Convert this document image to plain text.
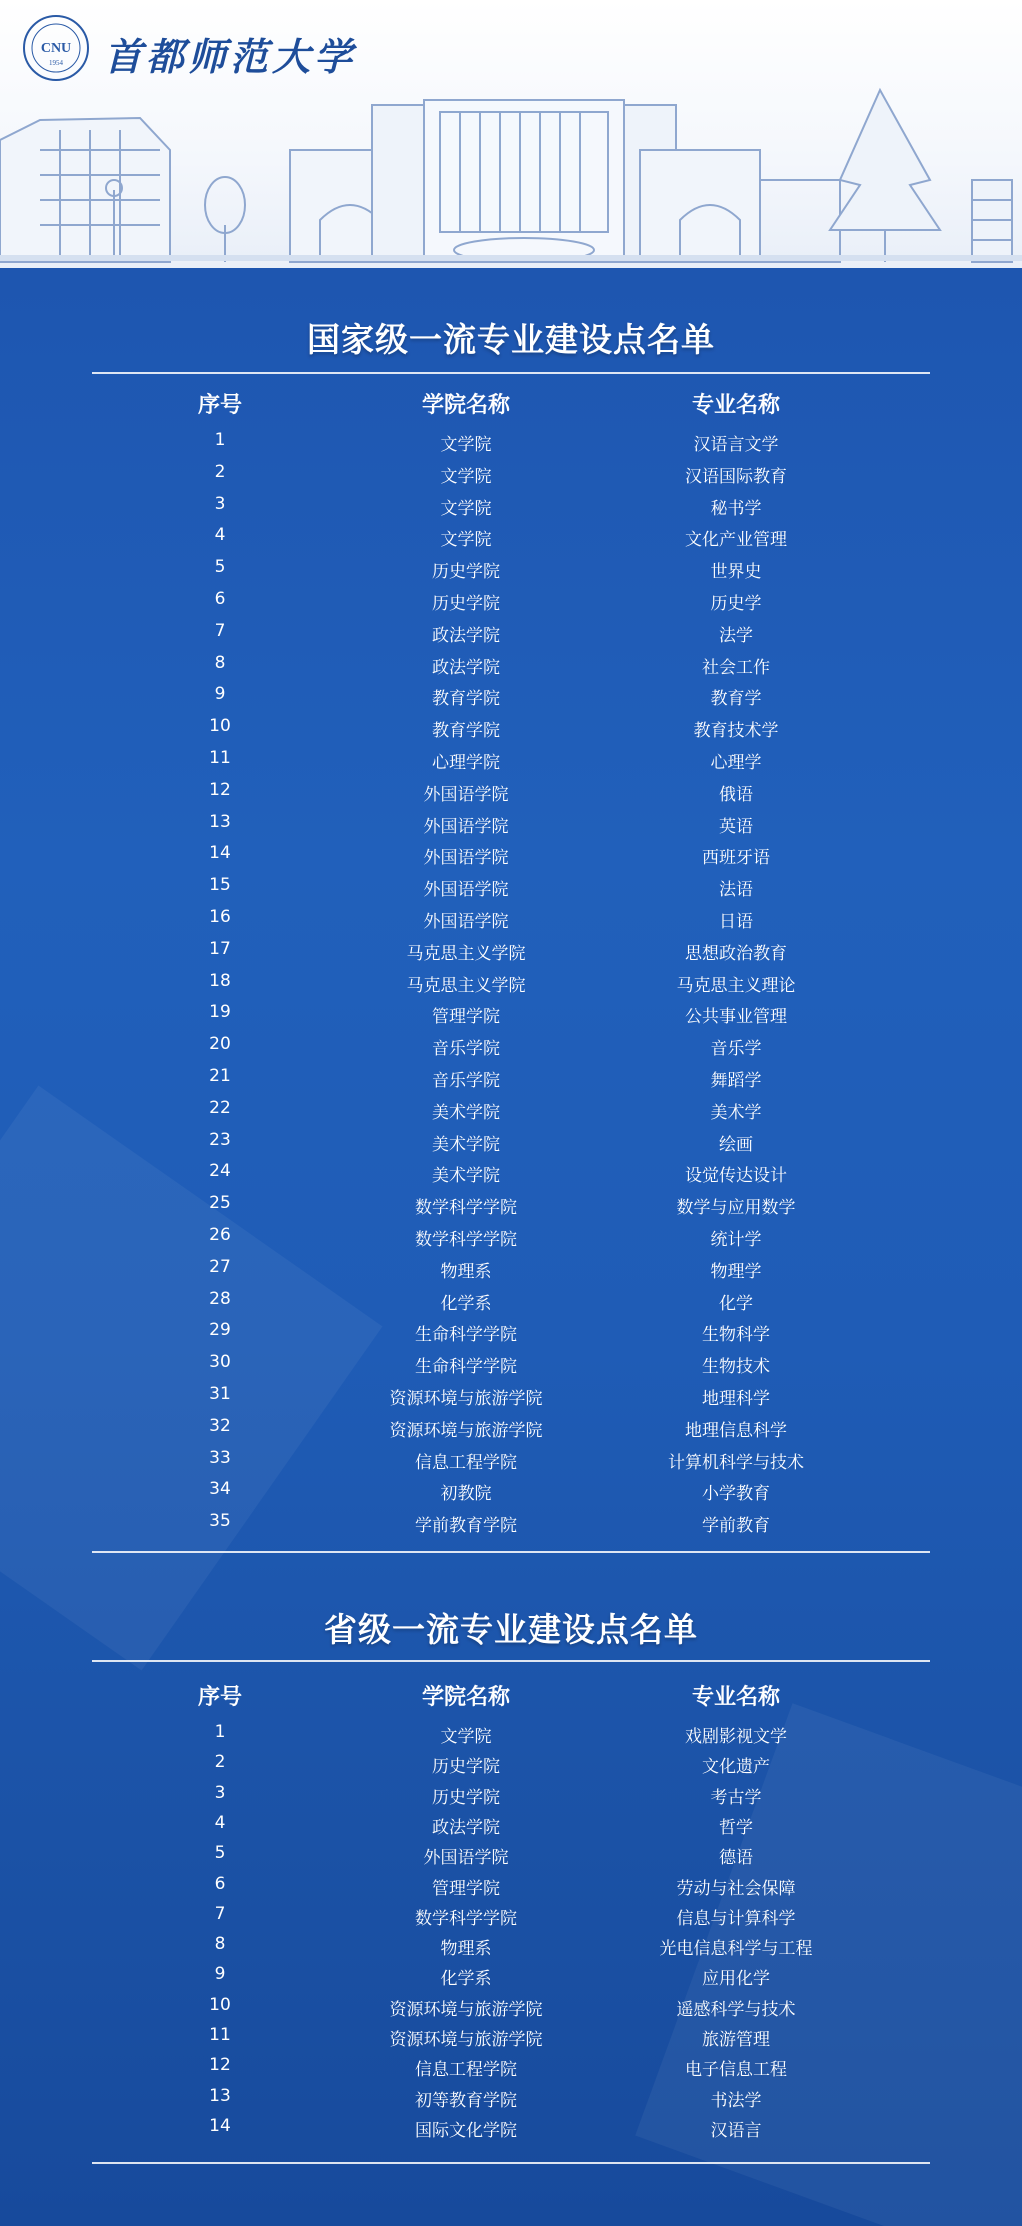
CNU
1954 首都师范大学
国家级一流专业建设点名单
序号	学院名称	专业名称
1	文学院	汉语言文学
2	文学院	汉语国际教育
3	文学院	秘书学
4	文学院	文化产业管理
5	历史学院	世界史
6	历史学院	历史学
7	政法学院	法学
8	政法学院	社会工作
9	教育学院	教育学
10	教育学院	教育技术学
11	心理学院	心理学
12	外国语学院	俄语
13	外国语学院	英语
14	外国语学院	西班牙语
15	外国语学院	法语
16	外国语学院	日语
17	马克思主义学院	思想政治教育
18	马克思主义学院	马克思主义理论
19	管理学院	公共事业管理
20	音乐学院	音乐学
21	音乐学院	舞蹈学
22	美术学院	美术学
23	美术学院	绘画
24	美术学院	设觉传达设计
25	数学科学学院	数学与应用数学
26	数学科学学院	统计学
27	物理系	物理学
28	化学系	化学
29	生命科学学院	生物科学
30	生命科学学院	生物技术
31	资源环境与旅游学院	地理科学
32	资源环境与旅游学院	地理信息科学
33	信息工程学院	计算机科学与技术
34	初教院	小学教育
35	学前教育学院	学前教育
省级一流专业建设点名单
序号	学院名称	专业名称
1	文学院	戏剧影视文学
2	历史学院	文化遗产
3	历史学院	考古学
4	政法学院	哲学
5	外国语学院	德语
6	管理学院	劳动与社会保障
7	数学科学学院	信息与计算科学
8	物理系	光电信息科学与工程
9	化学系	应用化学
10	资源环境与旅游学院	遥感科学与技术
11	资源环境与旅游学院	旅游管理
12	信息工程学院	电子信息工程
13	初等教育学院	书法学
14	国际文化学院	汉语言
